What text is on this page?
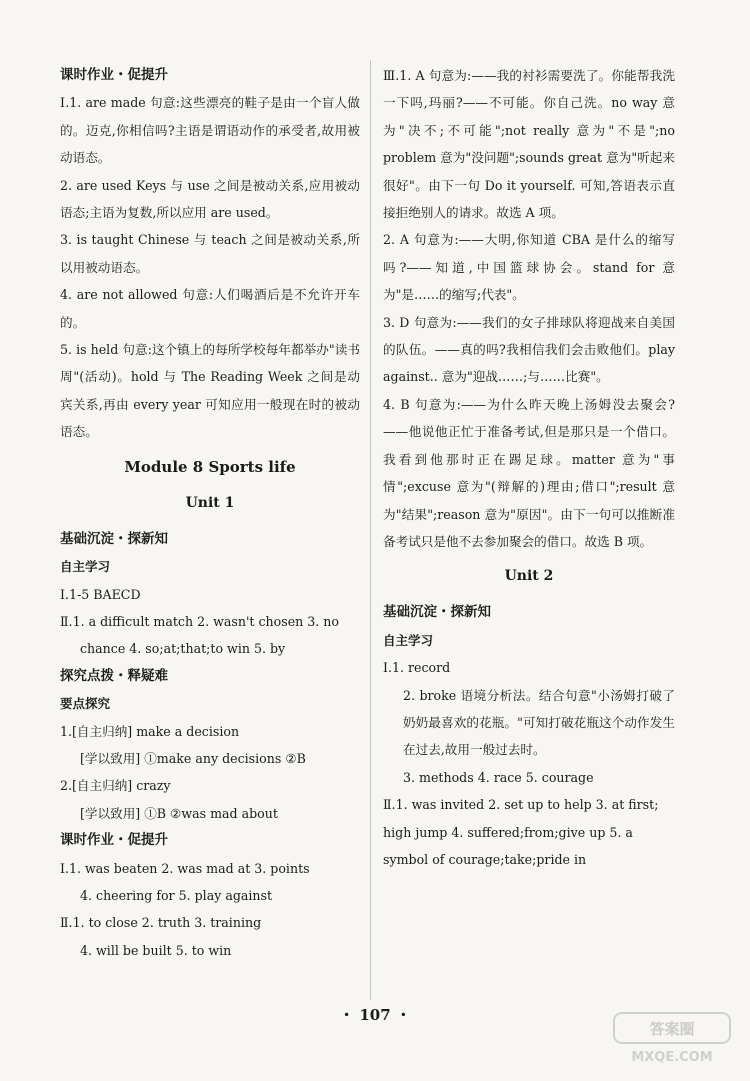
课时作业・促提升

Ⅰ.1. are made 句意:这些漂亮的鞋子是由一个盲人做的。迈克,你相信吗?主语是谓语动作的承受者,故用被动语态。

2. are used Keys 与 use 之间是被动关系,应用被动语态;主语为复数,所以应用 are used。

3. is taught Chinese 与 teach 之间是被动关系,所以用被动语态。

4. are not allowed 句意:人们喝酒后是不允许开车的。

5. is held 句意:这个镇上的每所学校每年都举办"读书周"(活动)。hold 与 The Reading Week 之间是动宾关系,再由 every year 可知应用一般现在时的被动语态。

Module 8 Sports life

Unit 1

基础沉淀・探新知

自主学习

Ⅰ.1-5 BAECD

Ⅱ.1. a difficult match 2. wasn't chosen 3. no

chance 4. so;at;that;to win 5. by

探究点拨・释疑难

要点探究

1.[自主归纳] make a decision

[学以致用] ①make any decisions ②B

2.[自主归纳] crazy

[学以致用] ①B ②was mad about

课时作业・促提升

Ⅰ.1. was beaten 2. was mad at 3. points

4. cheering for 5. play against

Ⅱ.1. to close 2. truth 3. training

4. will be built 5. to win

Ⅲ.1. A 句意为:——我的衬衫需要洗了。你能帮我洗一下吗,玛丽?——不可能。你自己洗。no way 意为"决不;不可能";not really 意为"不是";no problem 意为"没问题";sounds great 意为"听起来很好"。由下一句 Do it yourself. 可知,答语表示直接拒绝别人的请求。故选 A 项。

2. A 句意为:——大明,你知道 CBA 是什么的缩写吗?——知道,中国篮球协会。stand for 意为"是……的缩写;代表"。

3. D 句意为:——我们的女子排球队将迎战来自美国的队伍。——真的吗?我相信我们会击败他们。play against.. 意为"迎战……;与……比赛"。

4. B 句意为:——为什么昨天晚上汤姆没去聚会?——他说他正忙于准备考试,但是那只是一个借口。我看到他那时正在踢足球。matter 意为"事情";excuse 意为"(辩解的)理由;借口";result 意为"结果";reason 意为"原因"。由下一句可以推断准备考试只是他不去参加聚会的借口。故选 B 项。

Unit 2

基础沉淀・探新知

自主学习

Ⅰ.1. record

2. broke 语境分析法。结合句意"小汤姆打破了奶奶最喜欢的花瓶。"可知打破花瓶这个动作发生在过去,故用一般过去时。

3. methods 4. race 5. courage

Ⅱ.1. was invited 2. set up to help 3. at first;

high jump 4. suffered;from;give up 5. a

symbol of courage;take;pride in

・ 107 ・
答案圈
MXQE.COM
